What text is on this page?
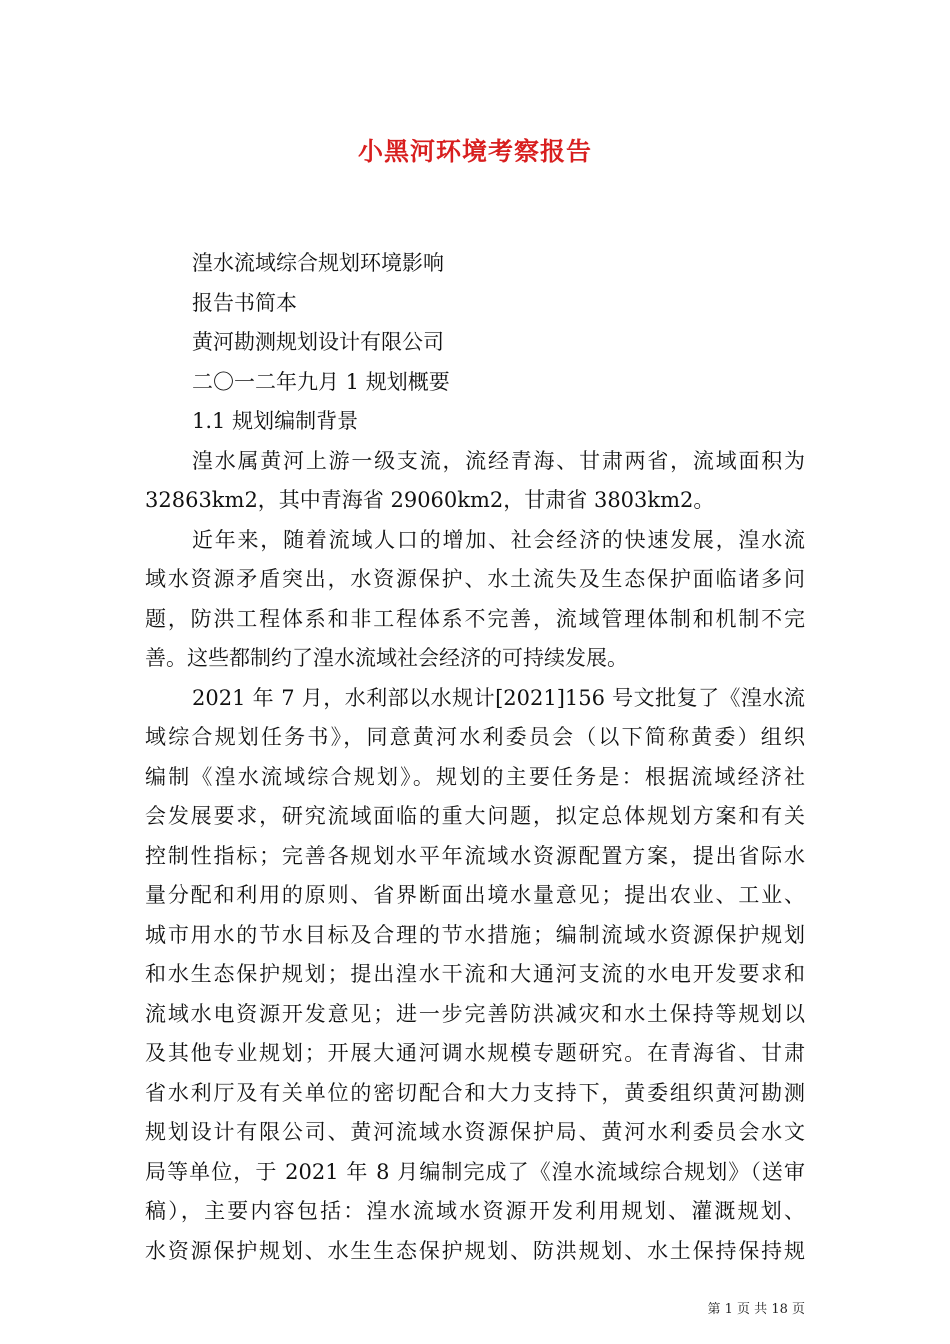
小黑河环境考察报告
湟水流域综合规划环境影响
报告书简本
黄河勘测规划设计有限公司
二〇一二年九月 1 规划概要
1.1 规划编制背景
湟水属黄河上游一级支流，流经青海、甘肃两省，流域面积为
32863km2，其中青海省 29060km2，甘肃省 3803km2。
近年来，随着流域人口的增加、社会经济的快速发展，湟水流
域水资源矛盾突出，水资源保护、水土流失及生态保护面临诸多问
题，防洪工程体系和非工程体系不完善，流域管理体制和机制不完
善。这些都制约了湟水流域社会经济的可持续发展。
2021 年 7 月，水利部以水规计[2021]156 号文批复了《湟水流
域综合规划任务书》，同意黄河水利委员会（以下简称黄委）组织
编制《湟水流域综合规划》。规划的主要任务是：根据流域经济社
会发展要求，研究流域面临的重大问题，拟定总体规划方案和有关
控制性指标；完善各规划水平年流域水资源配置方案，提出省际水
量分配和利用的原则、省界断面出境水量意见；提出农业、工业、
城市用水的节水目标及合理的节水措施；编制流域水资源保护规划
和水生态保护规划；提出湟水干流和大通河支流的水电开发要求和
流域水电资源开发意见；进一步完善防洪减灾和水土保持等规划以
及其他专业规划；开展大通河调水规模专题研究。在青海省、甘肃
省水利厅及有关单位的密切配合和大力支持下，黄委组织黄河勘测
规划设计有限公司、黄河流域水资源保护局、黄河水利委员会水文
局等单位，于 2021 年 8 月编制完成了《湟水流域综合规划》（送审
稿），主要内容包括：湟水流域水资源开发利用规划、灌溉规划、
水资源保护规划、水生生态保护规划、防洪规划、水土保持保持规
第 1 页 共 18 页
